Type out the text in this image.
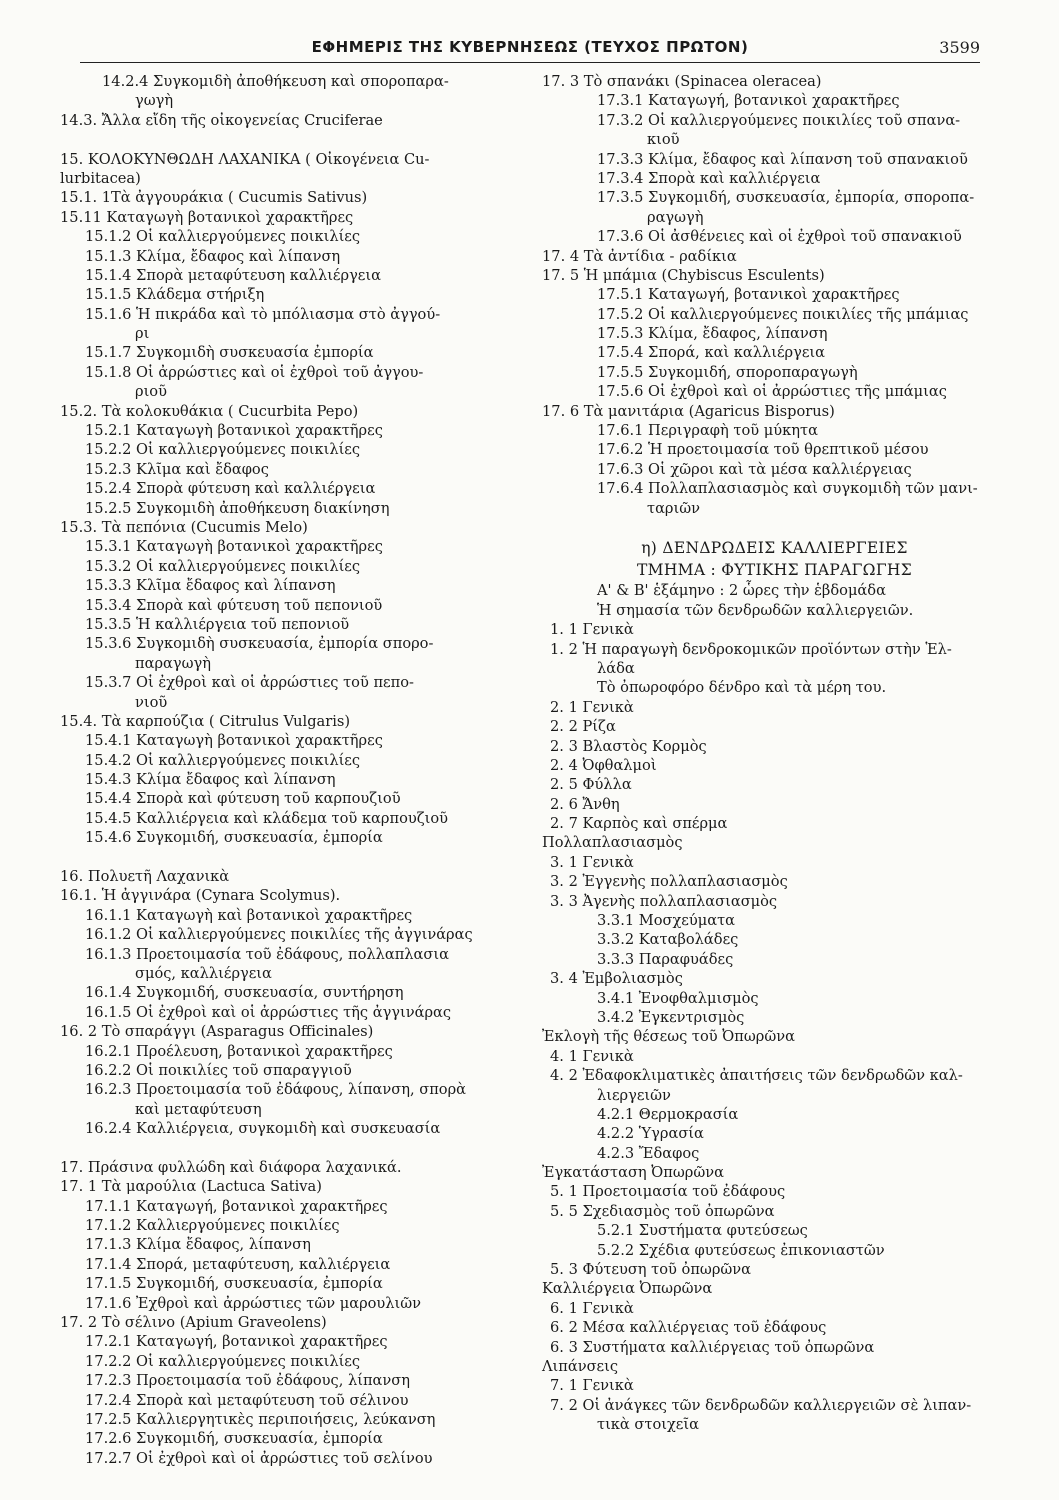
ΕΦΗΜΕΡΙΣ ΤΗΣ ΚΥΒΕΡΝΗΣΕΩΣ (ΤΕΥΧΟΣ ΠΡΩΤΟΝ)	3599
14.2.4 Συγκομιδὴ ἀποθήκευση καὶ σποροπαρα-
γωγὴ
14.3. Ἄλλα εἴδη τῆς οἰκογενείας Cruciferae
15. ΚΟΛΟΚΥΝΘΩΔΗ ΛΑΧΑΝΙΚΑ ( Οἰκογένεια Cu-
lurbitacea)
15.1. 1Τὰ ἀγγουράκια ( Cucumis Sativus)
15.11 Καταγωγὴ βοτανικοὶ χαρακτῆρες
15.1.2 Οἱ καλλιεργούμενες ποικιλίες
15.1.3 Κλίμα, ἔδαφος καὶ λίπανση
15.1.4 Σπορὰ μεταφύτευση καλλιέργεια
15.1.5 Κλάδεμα στήριξη
15.1.6 Ἡ πικράδα καὶ τὸ μπόλιασμα στὸ ἀγγού-
ρι
15.1.7 Συγκομιδὴ συσκευασία ἐμπορία
15.1.8 Οἱ ἀρρώστιες καὶ οἱ ἐχθροὶ τοῦ ἀγγου-
ριοῦ
15.2. Τὰ κολοκυθάκια ( Cucurbita Pepo)
15.2.1 Καταγωγὴ βοτανικοὶ χαρακτῆρες
15.2.2 Οἱ καλλιεργούμενες ποικιλίες
15.2.3 Κλῖμα καὶ ἔδαφος
15.2.4 Σπορὰ φύτευση καὶ καλλιέργεια
15.2.5 Συγκομιδὴ ἀποθήκευση διακίνηση
15.3. Τὰ πεπόνια (Cucumis Melo)
15.3.1 Καταγωγὴ βοτανικοὶ χαρακτῆρες
15.3.2 Οἱ καλλιεργούμενες ποικιλίες
15.3.3 Κλῖμα ἔδαφος καὶ λίπανση
15.3.4 Σπορὰ καὶ φύτευση τοῦ πεπονιοῦ
15.3.5 Ἡ καλλιέργεια τοῦ πεπονιοῦ
15.3.6 Συγκομιδὴ συσκευασία, ἐμπορία σπορο-
παραγωγὴ
15.3.7 Οἱ ἐχθροὶ καὶ οἱ ἀρρώστιες τοῦ πεπο-
νιοῦ
15.4. Τὰ καρπούζια ( Citrulus Vulgaris)
15.4.1 Καταγωγὴ βοτανικοὶ χαρακτῆρες
15.4.2 Οἱ καλλιεργούμενες ποικιλίες
15.4.3 Κλίμα ἔδαφος καὶ λίπανση
15.4.4 Σπορὰ καὶ φύτευση τοῦ καρπουζιοῦ
15.4.5 Καλλιέργεια καὶ κλάδεμα τοῦ καρπουζιοῦ
15.4.6 Συγκομιδή, συσκευασία, ἐμπορία
16. Πολυετῆ Λαχανικὰ
16.1. Ἡ ἀγγινάρα (Cynara Scolymus).
16.1.1 Καταγωγὴ καὶ βοτανικοὶ χαρακτῆρες
16.1.2 Οἱ καλλιεργούμενες ποικιλίες τῆς ἀγγινάρας
16.1.3 Προετοιμασία τοῦ ἐδάφους, πολλαπλασια
σμός, καλλιέργεια
16.1.4 Συγκομιδή, συσκευασία, συντήρηση
16.1.5 Οἱ ἐχθροὶ καὶ οἱ ἀρρώστιες τῆς ἀγγινάρας
16. 2 Τὸ σπαράγγι (Asparagus Officinales)
16.2.1 Προέλευση, βοτανικοὶ χαρακτῆρες
16.2.2 Οἱ ποικιλίες τοῦ σπαραγγιοῦ
16.2.3 Προετοιμασία τοῦ ἐδάφους, λίπανση, σπορὰ
καὶ μεταφύτευση
16.2.4 Καλλιέργεια, συγκομιδὴ καὶ συσκευασία
17. Πράσινα φυλλώδη καὶ διάφορα λαχανικά.
17. 1 Τὰ μαρούλια (Lactuca Sativa)
17.1.1 Καταγωγή, βοτανικοὶ χαρακτῆρες
17.1.2 Καλλιεργούμενες ποικιλίες
17.1.3 Κλίμα ἔδαφος, λίπανση
17.1.4 Σπορά, μεταφύτευση, καλλιέργεια
17.1.5 Συγκομιδή, συσκευασία, ἐμπορία
17.1.6 Ἐχθροὶ καὶ ἀρρώστιες τῶν μαρουλιῶν
17. 2 Τὸ σέλινο (Apium Graveolens)
17.2.1 Καταγωγή, βοτανικοὶ χαρακτῆρες
17.2.2 Οἱ καλλιεργούμενες ποικιλίες
17.2.3 Προετοιμασία τοῦ ἐδάφους, λίπανση
17.2.4 Σπορὰ καὶ μεταφύτευση τοῦ σέλινου
17.2.5 Καλλιεργητικὲς περιποιήσεις, λεύκανση
17.2.6 Συγκομιδή, συσκευασία, ἐμπορία
17.2.7 Οἱ ἐχθροὶ καὶ οἱ ἀρρώστιες τοῦ σελίνου
17. 3 Τὸ σπανάκι (Spinacea oleracea)
17.3.1 Καταγωγή, βοτανικοὶ χαρακτῆρες
17.3.2 Οἱ καλλιεργούμενες ποικιλίες τοῦ σπανα-
κιοῦ
17.3.3 Κλίμα, ἔδαφος καὶ λίπανση τοῦ σπανακιοῦ
17.3.4 Σπορὰ καὶ καλλιέργεια
17.3.5 Συγκομιδή, συσκευασία, ἐμπορία, σποροπα-
ραγωγὴ
17.3.6 Οἱ ἀσθένειες καὶ οἱ ἐχθροὶ τοῦ σπανακιοῦ
17. 4 Τὰ ἀντίδια - ραδίκια
17. 5 Ἡ μπάμια (Chybiscus Esculents)
17.5.1 Καταγωγή, βοτανικοὶ χαρακτῆρες
17.5.2 Οἱ καλλιεργούμενες ποικιλίες τῆς μπάμιας
17.5.3 Κλίμα, ἔδαφος, λίπανση
17.5.4 Σπορά, καὶ καλλιέργεια
17.5.5 Συγκομιδή, σποροπαραγωγὴ
17.5.6 Οἱ ἐχθροὶ καὶ οἱ ἀρρώστιες τῆς μπάμιας
17. 6 Τὰ μανιτάρια (Agaricus Bisporus)
17.6.1 Περιγραφὴ τοῦ μύκητα
17.6.2 Ἡ προετοιμασία τοῦ θρεπτικοῦ μέσου
17.6.3 Οἱ χῶροι καὶ τὰ μέσα καλλιέργειας
17.6.4 Πολλαπλασιασμὸς καὶ συγκομιδὴ τῶν μανι-
ταριῶν
η) ΔΕΝΔΡΩΔΕΙΣ ΚΑΛΛΙΕΡΓΕΙΕΣ
ΤΜΗΜΑ : ΦΥΤΙΚΗΣ ΠΑΡΑΓΩΓΗΣ
Α' & Β' ἑξάμηνο : 2 ὧρες τὴν ἑβδομάδα
Ἡ σημασία τῶν δενδρωδῶν καλλιεργειῶν.
1. 1 Γενικὰ
1. 2 Ἡ παραγωγὴ δενδροκομικῶν προϊόντων στὴν Ἑλ-
λάδα
Τὸ ὀπωροφόρο δένδρο καὶ τὰ μέρη του.
2. 1 Γενικὰ
2. 2 Ρίζα
2. 3 Βλαστὸς Κορμὸς
2. 4 Ὀφθαλμοὶ
2. 5 Φύλλα
2. 6 Ἄνθη
2. 7 Καρπὸς καὶ σπέρμα
Πολλαπλασιασμὸς
3. 1 Γενικὰ
3. 2 Ἐγγενὴς πολλαπλασιασμὸς
3. 3 Ἀγενὴς πολλαπλασιασμὸς
3.3.1 Μοσχεύματα
3.3.2 Καταβολάδες
3.3.3 Παραφυάδες
3. 4 Ἐμβολιασμὸς
3.4.1 Ἐνοφθαλμισμὸς
3.4.2 Ἐγκεντρισμὸς
Ἐκλογὴ τῆς θέσεως τοῦ Ὀπωρῶνα
4. 1 Γενικὰ
4. 2 Ἐδαφοκλιματικὲς ἀπαιτήσεις τῶν δενδρωδῶν καλ-
λιεργειῶν
4.2.1 Θερμοκρασία
4.2.2 Ὑγρασία
4.2.3 Ἔδαφος
Ἐγκατάσταση Ὀπωρῶνα
5. 1 Προετοιμασία τοῦ ἐδάφους
5. 5 Σχεδιασμὸς τοῦ ὀπωρῶνα
5.2.1 Συστήματα φυτεύσεως
5.2.2 Σχέδια φυτεύσεως ἐπικονιαστῶν
5. 3 Φύτευση τοῦ ὀπωρῶνα
Καλλιέργεια Ὀπωρῶνα
6. 1 Γενικὰ
6. 2 Μέσα καλλιέργειας τοῦ ἐδάφους
6. 3 Συστήματα καλλιέργειας τοῦ ὀπωρῶνα
Λιπάνσεις
7. 1 Γενικὰ
7. 2 Οἱ ἀνάγκες τῶν δενδρωδῶν καλλιεργειῶν σὲ λιπαν-
τικὰ στοιχεῖα
